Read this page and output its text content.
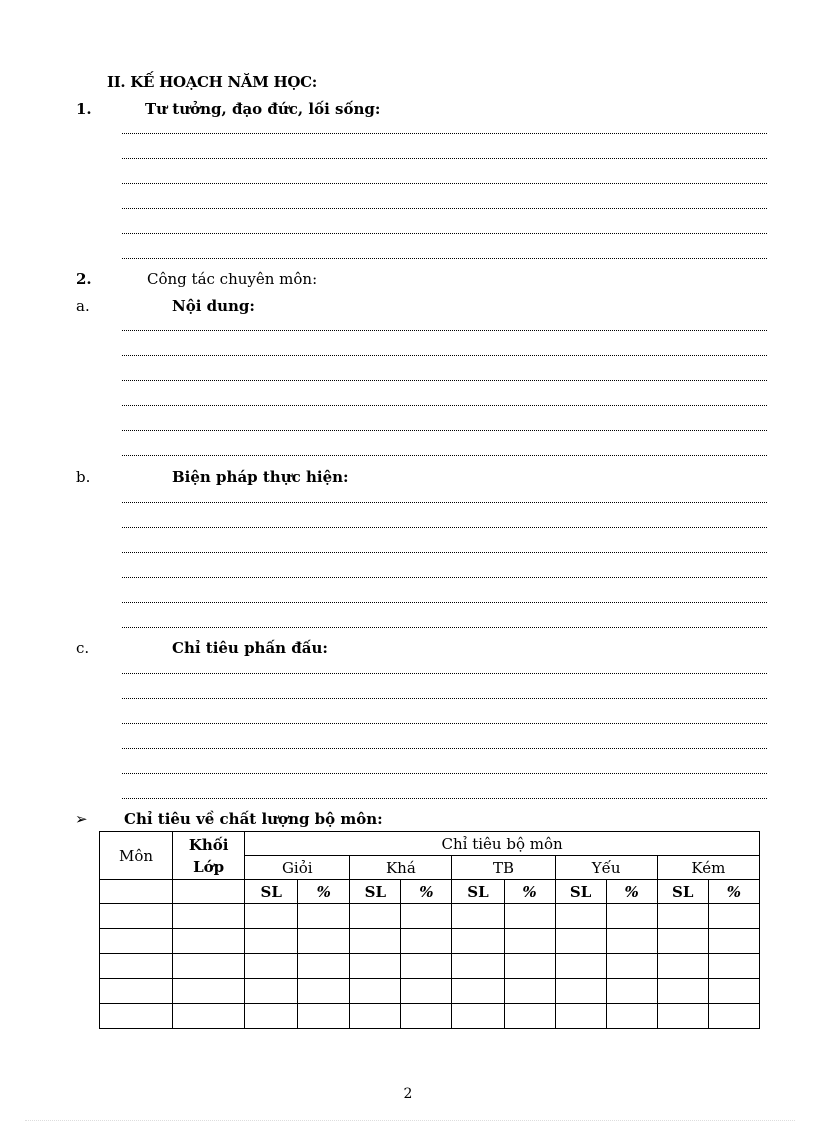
II. KẾ HOẠCH NĂM HỌC:
1.	Tư tưởng, đạo đức, lối sống:
2.	Công tác chuyên môn:
a.	Nội dung:
b.	Biện pháp thực hiện:
c.	Chỉ tiêu phấn đấu:
➢ Chỉ tiêu về chất lượng bộ môn:
Môn	Khối Lớp	Chỉ tiêu bộ môn									
		Giỏi		Khá		TB		Yếu		Kém	
		SL	%	SL	%	SL	%	SL	%	SL	%

2
